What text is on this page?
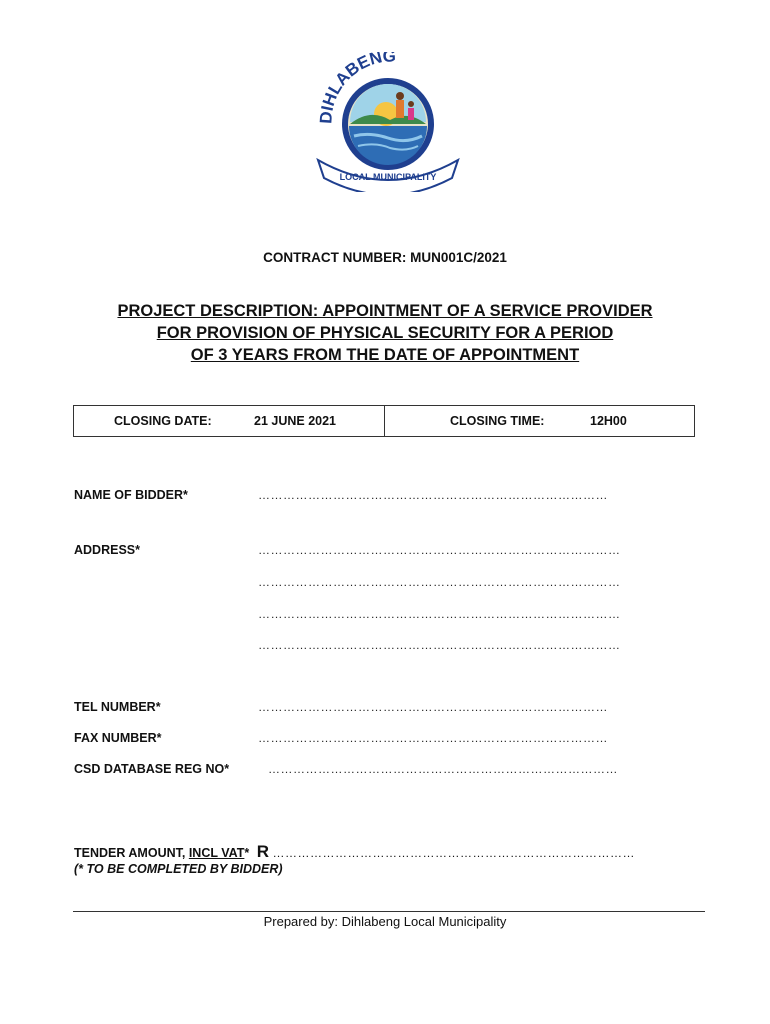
DIHLABENG
LOCAL MUNICIPALITY
CONTRACT NUMBER: MUN001C/2021
PROJECT DESCRIPTION: APPOINTMENT OF A SERVICE PROVIDER
FOR PROVISION OF PHYSICAL SECURITY FOR A PERIOD
OF 3 YEARS FROM THE DATE OF APPOINTMENT
CLOSING DATE:	21 JUNE 2021	CLOSING TIME:	12H00
NAME OF BIDDER*	…………………………………………………………………………
ADDRESS*	……………………………………………………………………………
……………………………………………………………………………
……………………………………………………………………………
……………………………………………………………………………
TEL NUMBER*	…………………………………………………………………………
FAX NUMBER*	…………………………………………………………………………
CSD DATABASE REG NO*	…………………………………………………………………………
TENDER AMOUNT, INCL VAT* R ……………………………………………………………………………
(* TO BE COMPLETED BY BIDDER)
Prepared by: Dihlabeng Local Municipality
